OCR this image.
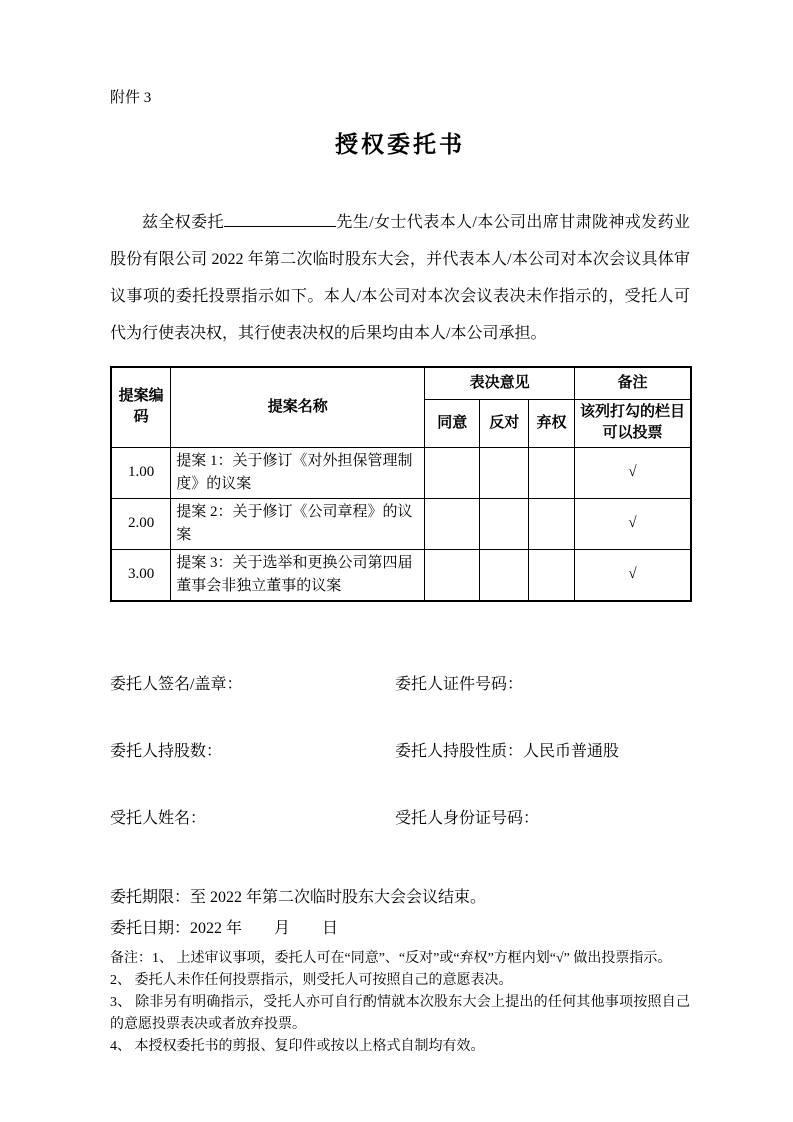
附件 3
授权委托书

兹全权委托	先生/女士代表本人/本公司出席甘肃陇神戎发药业股份有限公司 2022 年第二次临时股东大会，并代表本人/本公司对本次会议具体审议事项的委托投票指示如下。本人/本公司对本次会议表决未作指示的，受托人可代为行使表决权，其行使表决权的后果均由本人/本公司承担。

提案编码	提案名称	表决意见			备注
		同意	反对	弃权	该列打勾的栏目可以投票
1.00	提案 1：关于修订《对外担保管理制度》的议案				√
2.00	提案 2：关于修订《公司章程》的议案				√
3.00	提案 3：关于选举和更换公司第四届董事会非独立董事的议案				√
委托人签名/盖章：	委托人证件号码：
委托人持股数：	委托人持股性质：人民币普通股
受托人姓名：	受托人身份证号码：
委托期限：至 2022 年第二次临时股东大会会议结束。
委托日期：2022 年　　月　　日

备注：1、 上述审议事项，委托人可在“同意”、“反对”或“弃权”方框内划“√” 做出投票指示。

2、 委托人未作任何投票指示，则受托人可按照自己的意愿表决。

3、 除非另有明确指示，受托人亦可自行酌情就本次股东大会上提出的任何其他事项按照自己的意愿投票表决或者放弃投票。

4、 本授权委托书的剪报、复印件或按以上格式自制均有效。
